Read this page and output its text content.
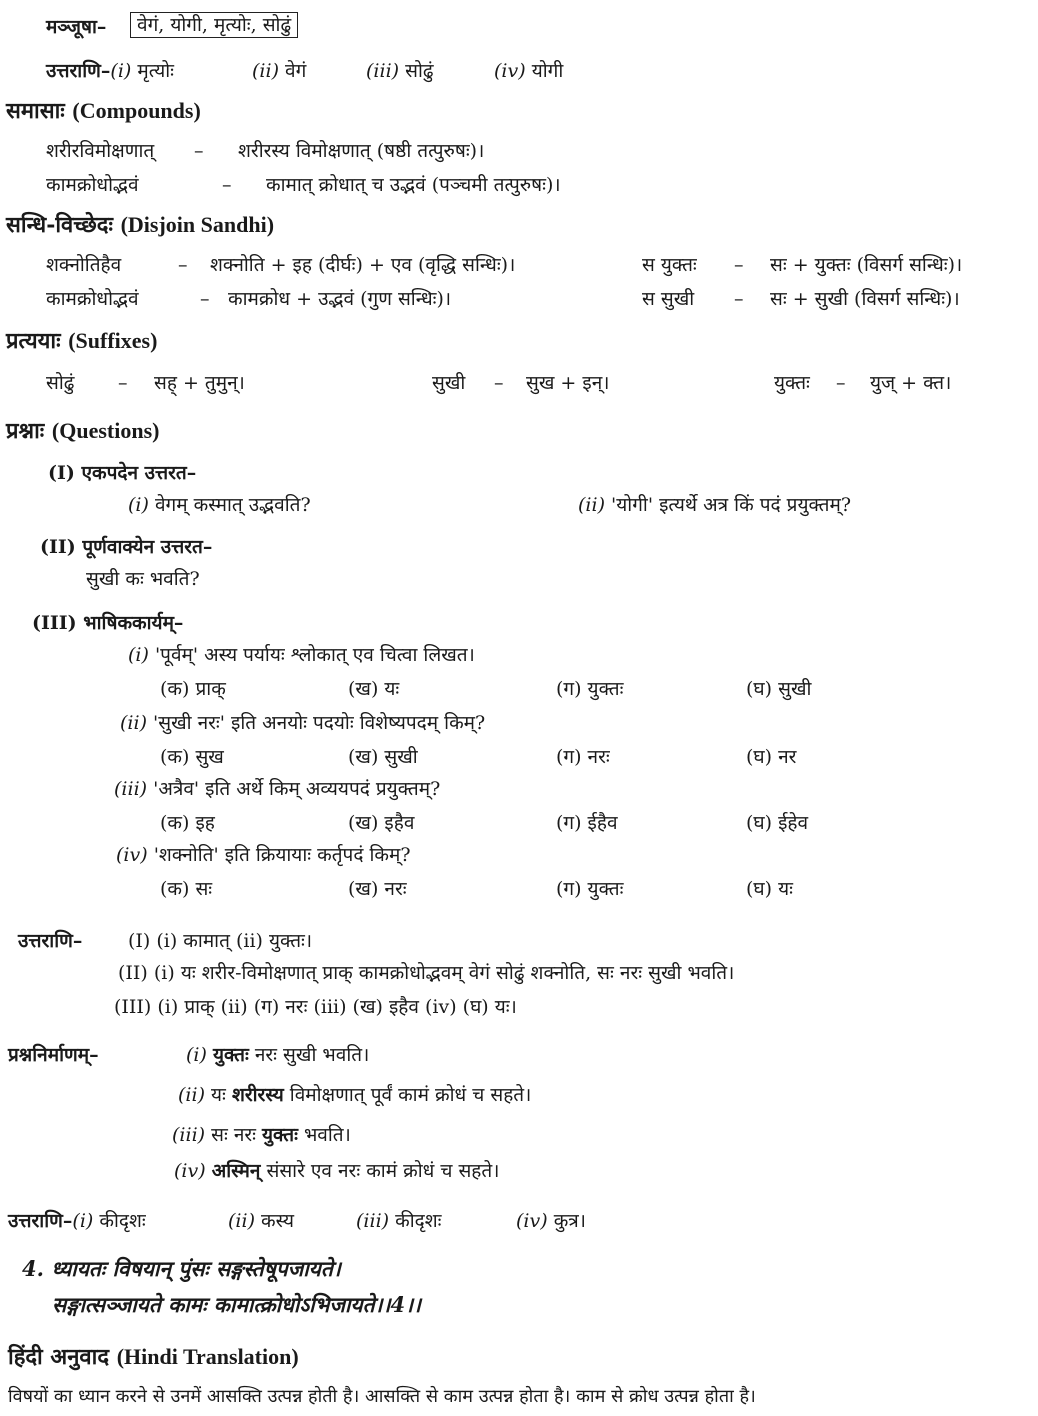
मञ्जूषा–	वेगं, योगी, मृत्योः, सोढुं
उत्तराणि–(i) मृत्योः	(ii) वेगं	(iii) सोढुं	(iv) योगी
समासाः (Compounds)
शरीरविमोक्षणात् – शरीरस्य विमोक्षणात् (षष्ठी तत्पुरुषः)।
कामक्रोधोद्भवं	– कामात् क्रोधात् च उद्भवं (पञ्चमी तत्पुरुषः)।
सन्धि-विच्छेदः (Disjoin Sandhi)
शक्नोतिहैव	– शक्नोति + इह (दीर्घः) + एव (वृद्धि सन्धिः)।	स युक्तः – सः + युक्तः (विसर्ग सन्धिः)।
कामक्रोधोद्भवं	– कामक्रोध + उद्भवं (गुण सन्धिः)।	स सुखी – सः + सुखी (विसर्ग सन्धिः)।
प्रत्ययाः (Suffixes)
सोढुं – सह् + तुमुन्।	सुखी – सुख + इन्।	युक्तः – युज् + क्त।
प्रश्नाः (Questions)
(I) एकपदेन उत्तरत–
(i) वेगम् कस्मात् उद्भवति?	(ii) 'योगी' इत्यर्थे अत्र किं पदं प्रयुक्तम्?
(II) पूर्णवाक्येन उत्तरत–
सुखी कः भवति?
(III) भाषिककार्यम्–
(i) 'पूर्वम्' अस्य पर्यायः श्लोकात् एव चित्वा लिखत।
(क) प्राक्	(ख) यः	(ग) युक्तः	(घ) सुखी
(ii) 'सुखी नरः' इति अनयोः पदयोः विशेष्यपदम् किम्?
(क) सुख	(ख) सुखी	(ग) नरः	(घ) नर
(iii) 'अत्रैव' इति अर्थे किम् अव्ययपदं प्रयुक्तम्?
(क) इह	(ख) इहैव	(ग) ईहैव	(घ) ईहेव
(iv) 'शक्नोति' इति क्रियायाः कर्तृपदं किम्?
(क) सः	(ख) नरः	(ग) युक्तः	(घ) यः
उत्तराणि– (I) (i) कामात् (ii) युक्तः।
(II) (i) यः शरीर-विमोक्षणात् प्राक् कामक्रोधोद्भवम् वेगं सोढुं शक्नोति, सः नरः सुखी भवति।
(III) (i) प्राक् (ii) (ग) नरः (iii) (ख) इहैव (iv) (घ) यः।
प्रश्ननिर्माणम्–	(i) युक्तः नरः सुखी भवति।
(ii) यः शरीरस्य विमोक्षणात् पूर्वं कामं क्रोधं च सहते।
(iii) सः नरः युक्तः भवति।
(iv) अस्मिन् संसारे एव नरः कामं क्रोधं च सहते।
उत्तराणि–(i) कीदृशः	(ii) कस्य	(iii) कीदृशः	(iv) कुत्र।
4. ध्यायतः विषयान् पुंसः सङ्गस्तेषूपजायते।
सङ्गात्सञ्जायते कामः कामात्क्रोधोऽभिजायते।।4।।
हिंदी अनुवाद (Hindi Translation)
विषयों का ध्यान करने से उनमें आसक्ति उत्पन्न होती है। आसक्ति से काम उत्पन्न होता है। काम से क्रोध उत्पन्न होता है।
